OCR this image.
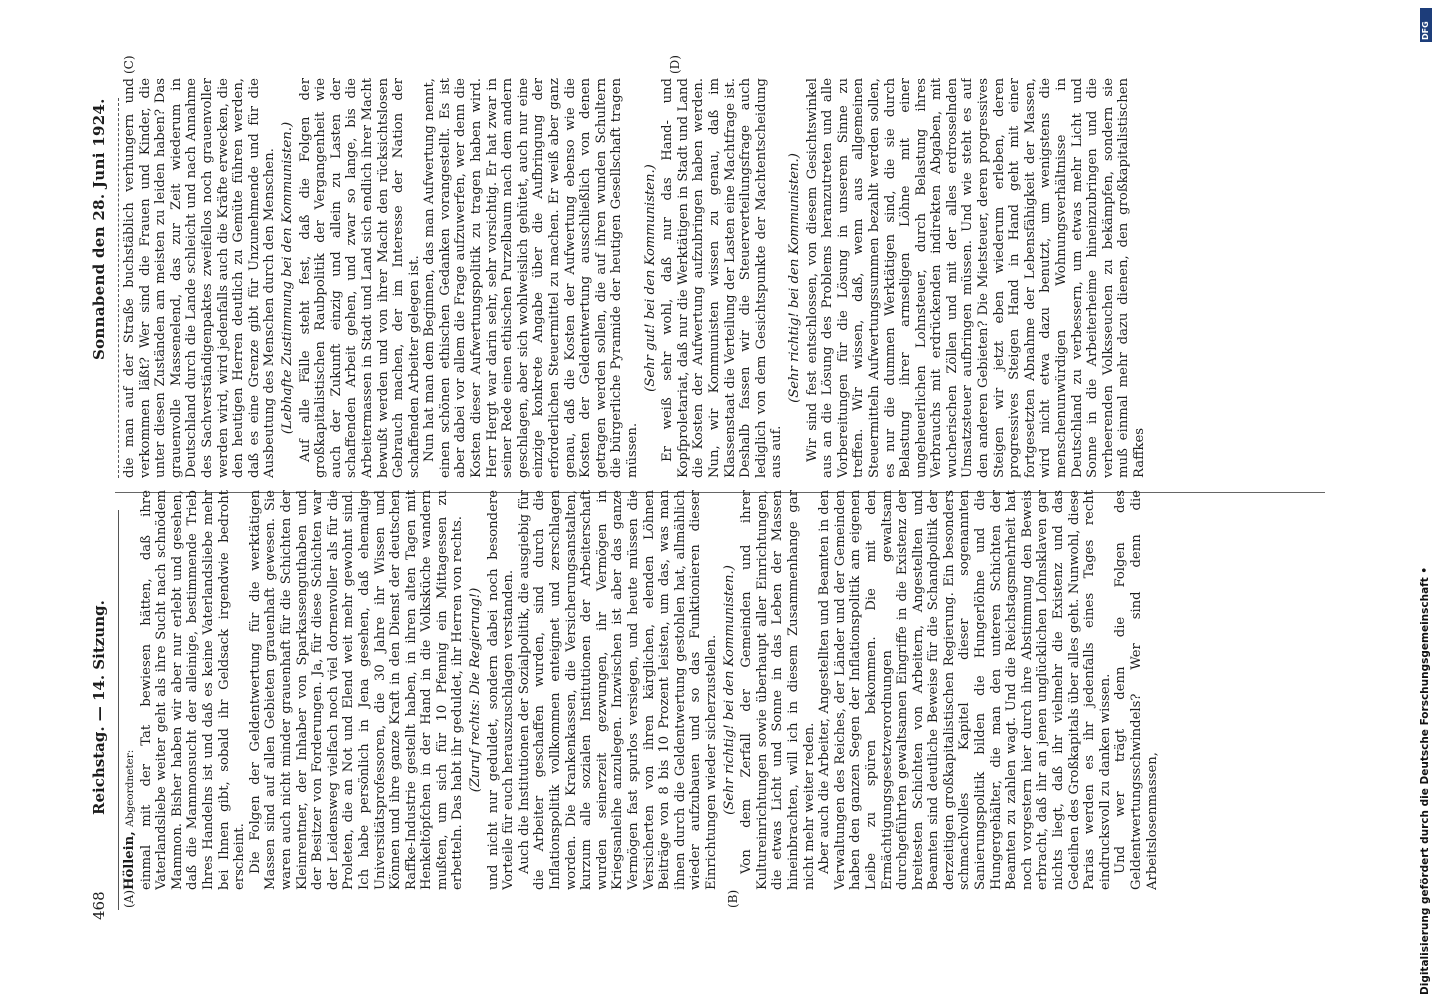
468
Reichstag. — 14. Sitzung.
Sonnabend den 28. Juni 1924.
(A)	(B)
(C)	(D)

Höllein, Abgeordneter: einmal mit der Tat bewiesen hätten, daß ihre Vaterlandsliebe weiter geht als ihre Sucht nach schnödem Mammon. Bisher haben wir aber nur erlebt und gesehen, daß die Mammonsucht der alleinige, bestimmende Trieb Ihres Handelns ist und daß es keine Vaterlandsliebe mehr bei Ihnen gibt, sobald ihr Geldsack irgendwie bedroht erscheint. Die Folgen der Geldentwertung für die werktätigen Massen sind auf allen Gebieten grauenhaft gewesen. Sie waren auch nicht minder grauenhaft für die Schichten der Kleinrentner, der Inhaber von Sparkassenguthaben und der Besitzer von Forderungen. Ja, für diese Schichten war der Leidensweg vielfach noch viel dornenvoller als für die Proleten, die an Not und Elend weit mehr gewohnt sind. Ich habe persönlich in Jena gesehen, daß ehemalige Universitätsprofessoren, die 30 Jahre ihr Wissen und Können und ihre ganze Kraft in den Dienst der deutschen Raffke-Industrie gestellt haben, in ihren alten Tagen mit Henkeltöpfchen in der Hand in die Volksküche wandern mußten, um sich für 10 Pfennig ein Mittagessen zu erbetteln. Das habt ihr geduldet, ihr Herren von rechts. (Zuruf rechts: Die Regierung!) und nicht nur geduldet, sondern dabei noch besondere Vorteile für euch herauszuschlagen verstanden. Auch die Institutionen der Sozialpolitik, die ausgiebig für die Arbeiter geschaffen wurden, sind durch die Inflationspolitik vollkommen enteignet und zerschlagen worden. Die Krankenkassen, die Versicherungsanstalten, kurzum alle sozialen Institutionen der Arbeiterschaft wurden seinerzeit gezwungen, ihr Vermögen in Kriegsanleihe anzulegen. Inzwischen ist aber das ganze Vermögen fast spurlos versiegen, und heute müssen die Versicherten von ihren kärglichen, elenden Löhnen Beiträge von 8 bis 10 Prozent leisten, um das, was man ihnen durch die Geldentwertung gestohlen hat, allmählich wieder aufzubauen und so das Funktionieren dieser Einrichtungen wieder sicherzustellen. (Sehr richtig! bei den Kommunisten.) Von dem Zerfall der Gemeinden und ihrer Kultureinrichtungen sowie überhaupt aller Einrichtungen, die etwas Licht und Sonne in das Leben der Massen hineinbrachten, will ich in diesem Zusammenhange gar nicht mehr weiter reden. Aber auch die Arbeiter, Angestellten und Beamten in den Verwaltungen des Reiches, der Länder und der Gemeinden haben den ganzen Segen der Inflationspolitik am eigenen Leibe zu spüren bekommen. Die mit den Ermächtigungsgesetzverordnungen gewaltsam durchgeführten gewaltsamen Eingriffe in die Existenz der breitesten Schichten von Arbeitern, Angestellten und Beamten sind deutliche Beweise für die Schandpolitik der derzeitigen großkapitalistischen Regierung. Ein besonders schmachvolles Kapitel dieser sogenannten Sanierungspolitik bilden die Hungerlöhne und die Hungergehälter, die man den unteren Schichten der Beamten zu zahlen wagt. Und die Reichstagsmehrheit hat noch vorgestern hier durch ihre Abstimmung den Beweis erbracht, daß ihr an jenen unglücklichen Lohnsklaven gar nichts liegt, daß ihr vielmehr die Existenz und das Gedeihen des Großkapitals über alles geht. Nunwohl, diese Parias werden es ihr jedenfalls eines Tages recht eindrucksvoll zu danken wissen. Und wer trägt denn die Folgen des Geldentwertungsschwindels? Wer sind denn die Arbeitslosenmassen,

die man auf der Straße buchstäblich verhungern und verkommen läßt? Wer sind die Frauen und Kinder, die unter diesen Zuständen am meisten zu leiden haben? Das grauenvolle Massenelend, das zur Zeit wiederum in Deutschland durch die Lande schleicht und nach Annahme des Sachverständigenpaktes zweifellos noch grauenvoller werden wird, wird jedenfalls auch die Kräfte erwecken, die den heutigen Herren deutlich zu Gemüte führen werden, daß es eine Grenze gibt für Unzunehmende und für die Ausbeutung des Menschen durch den Menschen. (Lebhafte Zustimmung bei den Kommunisten.) Auf alle Fälle steht fest, daß die Folgen der großkapitalistischen Raubpolitik der Vergangenheit wie auch der Zukunft einzig und allein zu Lasten der schaffenden Arbeit gehen, und zwar so lange, bis die Arbeitermassen in Stadt und Land sich endlich ihrer Macht bewußt werden und von ihrer Macht den rücksichtslosen Gebrauch machen, der im Interesse der Nation der schaffenden Arbeiter gelegen ist. Nun hat man dem Beginnen, das man Aufwertung nennt, einen schönen ethischen Gedanken vorangestellt. Es ist aber dabei vor allem die Frage aufzuwerfen, wer denn die Kosten dieser Aufwertungspolitik zu tragen haben wird. Herr Hergt war darin sehr, sehr vorsichtig. Er hat zwar in seiner Rede einen ethischen Purzelbaum nach dem andern geschlagen, aber sich wohlweislich gehütet, auch nur eine einzige konkrete Angabe über die Aufbringung der erforderlichen Steuermittel zu machen. Er weiß aber ganz genau, daß die Kosten der Aufwertung ebenso wie die Kosten der Geldentwertung ausschließlich von denen getragen werden sollen, die auf ihren wunden Schultern die bürgerliche Pyramide der heutigen Gesellschaft tragen müssen.

(Sehr gut! bei den Kommunisten.) Er weiß sehr wohl, daß nur das Hand- und Kopfproletariat, daß nur die Werktätigen in Stadt und Land die Kosten der Aufwertung aufzubringen haben werden. Nun, wir Kommunisten wissen zu genau, daß im Klassenstaat die Verteilung der Lasten eine Machtfrage ist. Deshalb fassen wir die Steuerverteilungsfrage auch lediglich von dem Gesichtspunkte der Machtentscheidung aus auf.

(Sehr richtig! bei den Kommunisten.) Wir sind fest entschlossen, von diesem Gesichtswinkel aus an die Lösung des Problems heranzutreten und alle Vorbereitungen für die Lösung in unserem Sinne zu treffen. Wir wissen, daß, wenn aus allgemeinen Steuermitteln Aufwertungssummen bezahlt werden sollen, es nur die dummen Werktätigen sind, die sie durch Belastung ihrer armseligen Löhne mit einer ungeheuerlichen Lohnsteuer, durch Belastung ihres Verbrauchs mit erdrückenden indirekten Abgaben, mit wucherischen Zöllen und mit der alles erdrosselnden Umsatzsteuer aufbringen müssen. Und wie steht es auf den anderen Gebieten? Die Mietsteuer, deren progressives Steigen wir jetzt eben wiederum erleben, deren progressives Steigen Hand in Hand geht mit einer fortgesetzten Abnahme der Lebensfähigkeit der Massen, wird nicht etwa dazu benutzt, um wenigstens die menschenunwürdigen Wohnungsverhältnisse in Deutschland zu verbessern, um etwas mehr Licht und Sonne in die Arbeiterheime hineinzubringen und die verheerenden Volksseuchen zu bekämpfen, sondern sie muß einmal mehr dazu dienen, den großkapitalistischen Raffkes

DFG
Digitalisierung gefördert durch die Deutsche Forschungsgemeinschaft •
